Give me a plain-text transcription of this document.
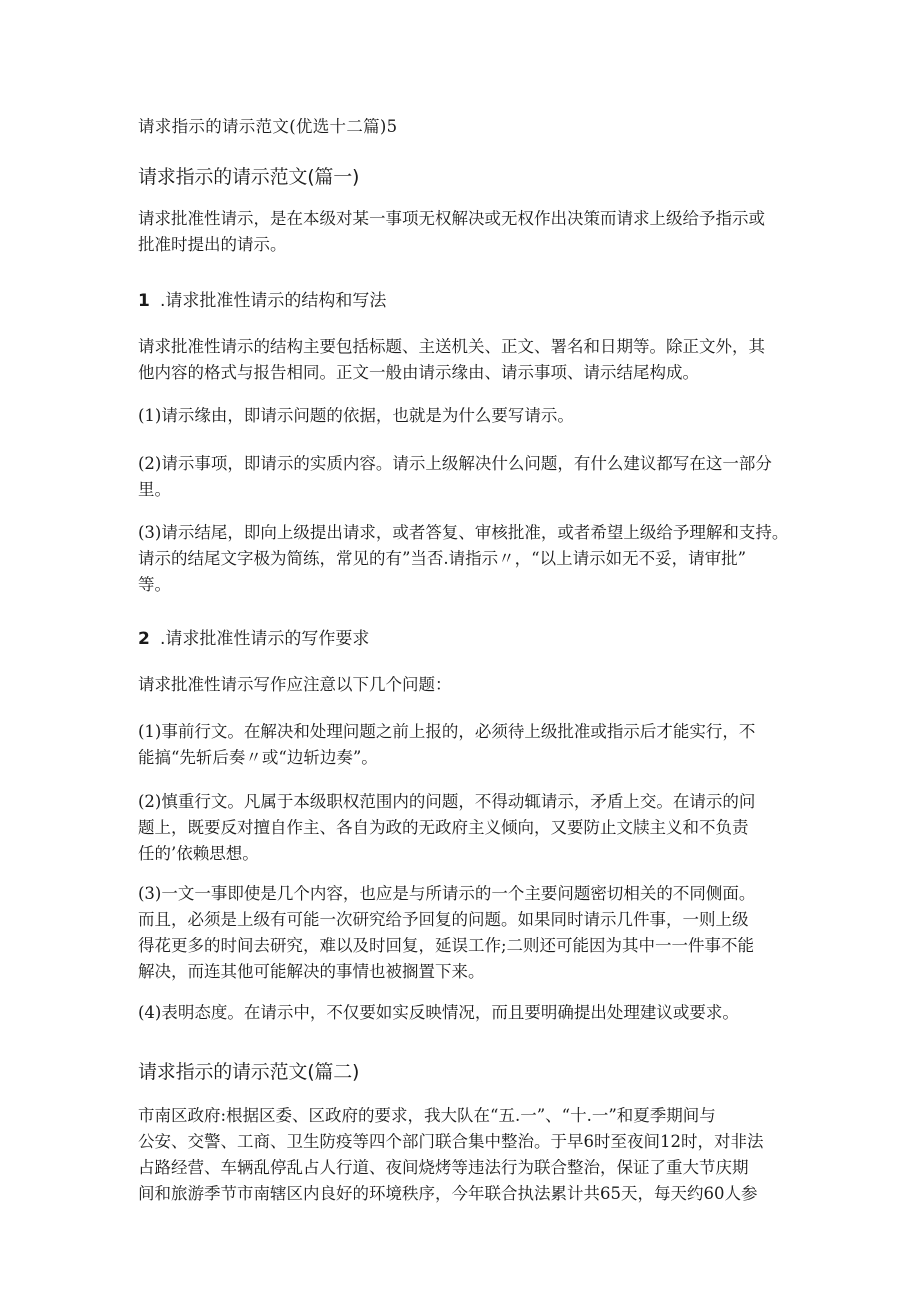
请求指示的请示范文(优选十二篇)5
请求指示的请示范文(篇一)
请求批准性请示，是在本级对某一事项无权解决或无权作出决策而请求上级给予指示或
批准时提出的请示。
1 .请求批准性请示的结构和写法
请求批准性请示的结构主要包括标题、主送机关、正文、署名和日期等。除正文外，其
他内容的格式与报告相同。正文一般由请示缘由、请示事项、请示结尾构成。
(1)请示缘由，即请示问题的依据，也就是为什么要写请示。
(2)请示事项，即请示的实质内容。请示上级解决什么问题，有什么建议都写在这一部分
里。
(3)请示结尾，即向上级提出请求，或者答复、审核批准，或者希望上级给予理解和支持。
请示的结尾文字极为简练，常见的有”当否.请指示〃，“以上请示如无不妥，请审批”
等。
2 .请求批准性请示的写作要求
请求批准性请示写作应注意以下几个问题：
(1)事前行文。在解决和处理问题之前上报的，必须待上级批准或指示后才能实行，不
能搞“先斩后奏〃或“边斩边奏”。
(2)慎重行文。凡属于本级职权范围内的问题，不得动辄请示，矛盾上交。在请示的问
题上，既要反对擅自作主、各自为政的无政府主义倾向，又要防止文牍主义和不负责
任的’依赖思想。
(3)一文一事即使是几个内容，也应是与所请示的一个主要问题密切相关的不同侧面。
而且，必须是上级有可能一次研究给予回复的问题。如果同时请示几件事，一则上级
得花更多的时间去研究，难以及时回复，延误工作;二则还可能因为其中一一件事不能
解决，而连其他可能解决的事情也被搁置下来。
(4)表明态度。在请示中，不仅要如实反映情况，而且要明确提出处理建议或要求。
请求指示的请示范文(篇二)
市南区政府:根据区委、区政府的要求，我大队在“五.一”、“十.一”和夏季期间与
公安、交警、工商、卫生防疫等四个部门联合集中整治。于早6时至夜间12时，对非法
占路经营、车辆乱停乱占人行道、夜间烧烤等违法行为联合整治，保证了重大节庆期
间和旅游季节市南辖区内良好的环境秩序，今年联合执法累计共65天，每天约60人参
